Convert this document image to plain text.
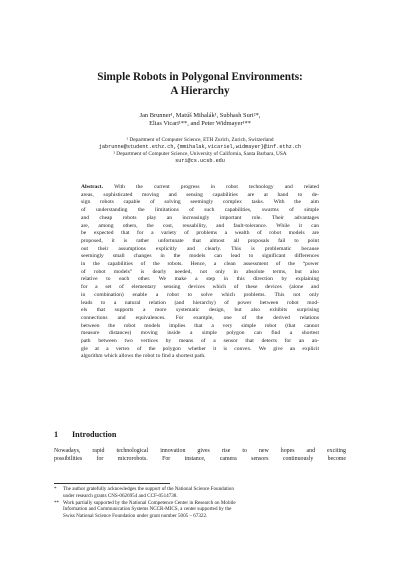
Simple Robots in Polygonal Environments:
A Hierarchy
Jan Brunner¹, Matúš Mihalák¹, Subhash Suri²*,
Elias Vicari¹**, and Peter Widmayer¹**
¹ Department of Computer Science, ETH Zurich, Zurich, Switzerland
jabrunne@student.ethz.ch,{mmihalak,vicariel,widmayer}@inf.ethz.ch
² Department of Computer Science, University of California, Santa Barbara, USA
suri@cs.ucsb.edu
Abstract. With the current progress in robot technology and related
areas, sophisticated moving and sensing capabilities are at hand to de-
sign robots capable of solving seemingly complex tasks. With the aim
of understanding the limitations of such capabilities, swarms of simple
and cheap robots play an increasingly important role. Their advantages
are, among others, the cost, reusability, and fault-tolerance. While it can
be expected that for a variety of problems a wealth of robot models are
proposed, it is rather unfortunate that almost all proposals fail to point
out their assumptions explicitly and clearly. This is problematic because
seemingly small changes in the models can lead to significant differences
in the capabilities of the robots. Hence, a clean assessment of the “power
of robot models” is dearly needed, not only in absolute terms, but also
relative to each other. We make a step in this direction by explaining
for a set of elementary sensing devices which of these devices (alone and
in combination) enable a robot to solve which problems. This not only
leads to a natural relation (and hierarchy) of power between robot mod-
els that supports a more systematic design, but also exhibits surprising
connections and equivalences. For example, one of the derived relations
between the robot models implies that a very simple robot (that cannot
measure distances) moving inside a simple polygon can find a shortest
path between two vertices by means of a sensor that detects for an an-
gle at a vertex of the polygon whether it is convex. We give an explicit
algorithm which allows the robot to find a shortest path.
1 Introduction
Nowadays, rapid technological innovation gives rise to new hopes and exciting
possibilities for microrobots. For instance, camera sensors continuously become
* The author gratefully acknowledges the support of the National Science Foundation
under research grants CNS-0626954 and CCF-0514738.
** Work partially supported by the National Competence Center in Research on Mobile
Information and Communication Systems NCCR-MICS, a center supported by the
Swiss National Science Foundation under grant number 5005 – 67322.
